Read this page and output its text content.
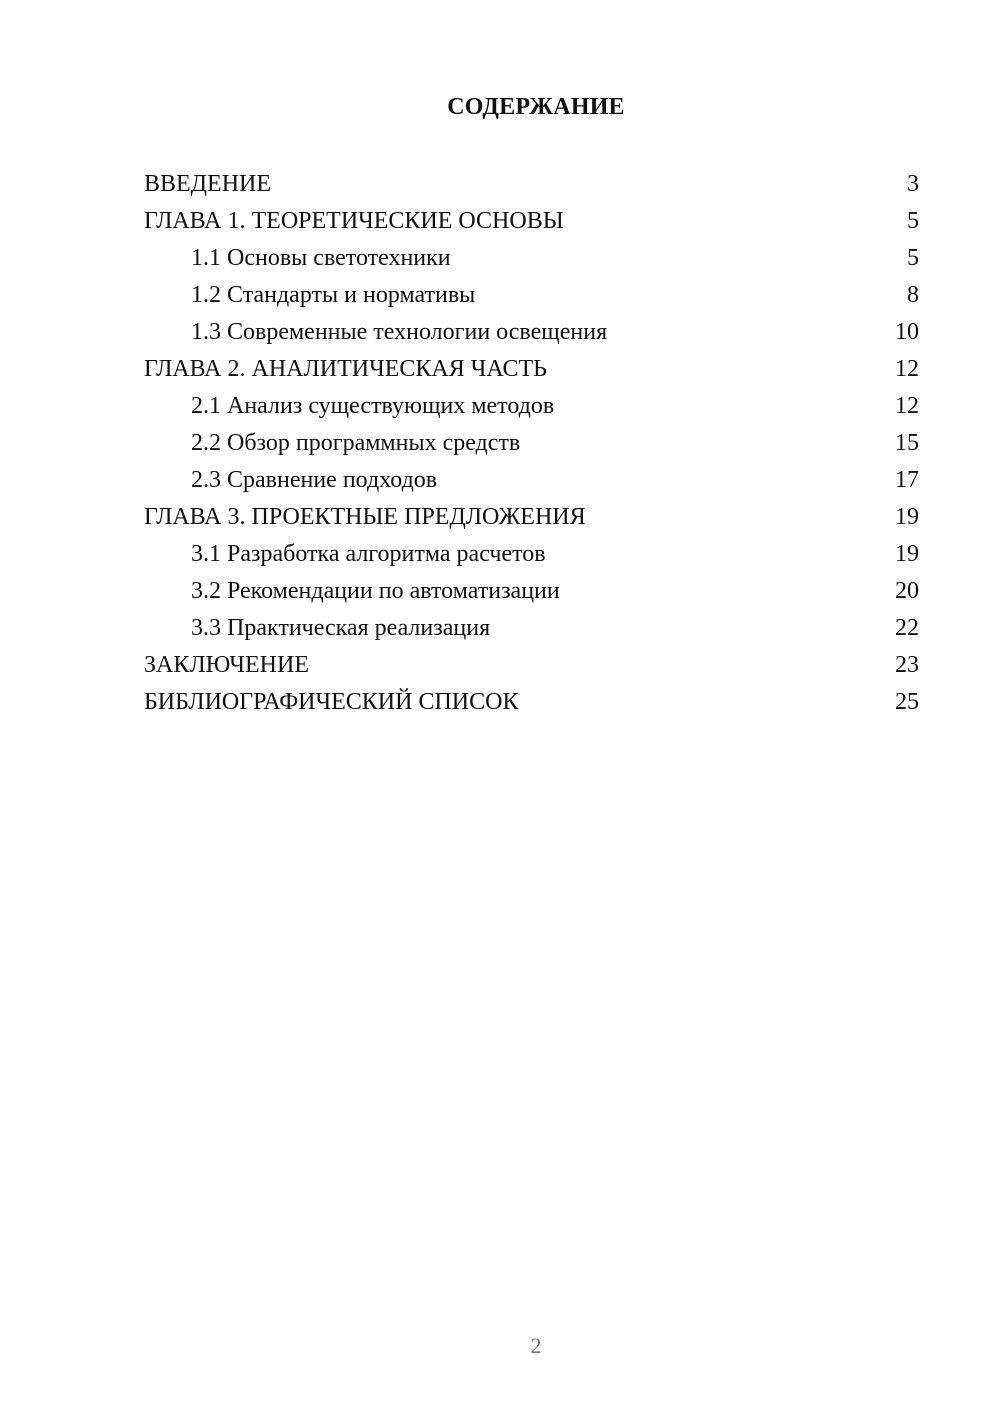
СОДЕРЖАНИЕ
ВВЕДЕНИЕ	3
ГЛАВА 1. ТЕОРЕТИЧЕСКИЕ ОСНОВЫ	5
1.1 Основы светотехники	5
1.2 Стандарты и нормативы	8
1.3 Современные технологии освещения	10
ГЛАВА 2. АНАЛИТИЧЕСКАЯ ЧАСТЬ	12
2.1 Анализ существующих методов	12
2.2 Обзор программных средств	15
2.3 Сравнение подходов	17
ГЛАВА 3. ПРОЕКТНЫЕ ПРЕДЛОЖЕНИЯ	19
3.1 Разработка алгоритма расчетов	19
3.2 Рекомендации по автоматизации	20
3.3 Практическая реализация	22
ЗАКЛЮЧЕНИЕ	23
БИБЛИОГРАФИЧЕСКИЙ СПИСОК	25
2
